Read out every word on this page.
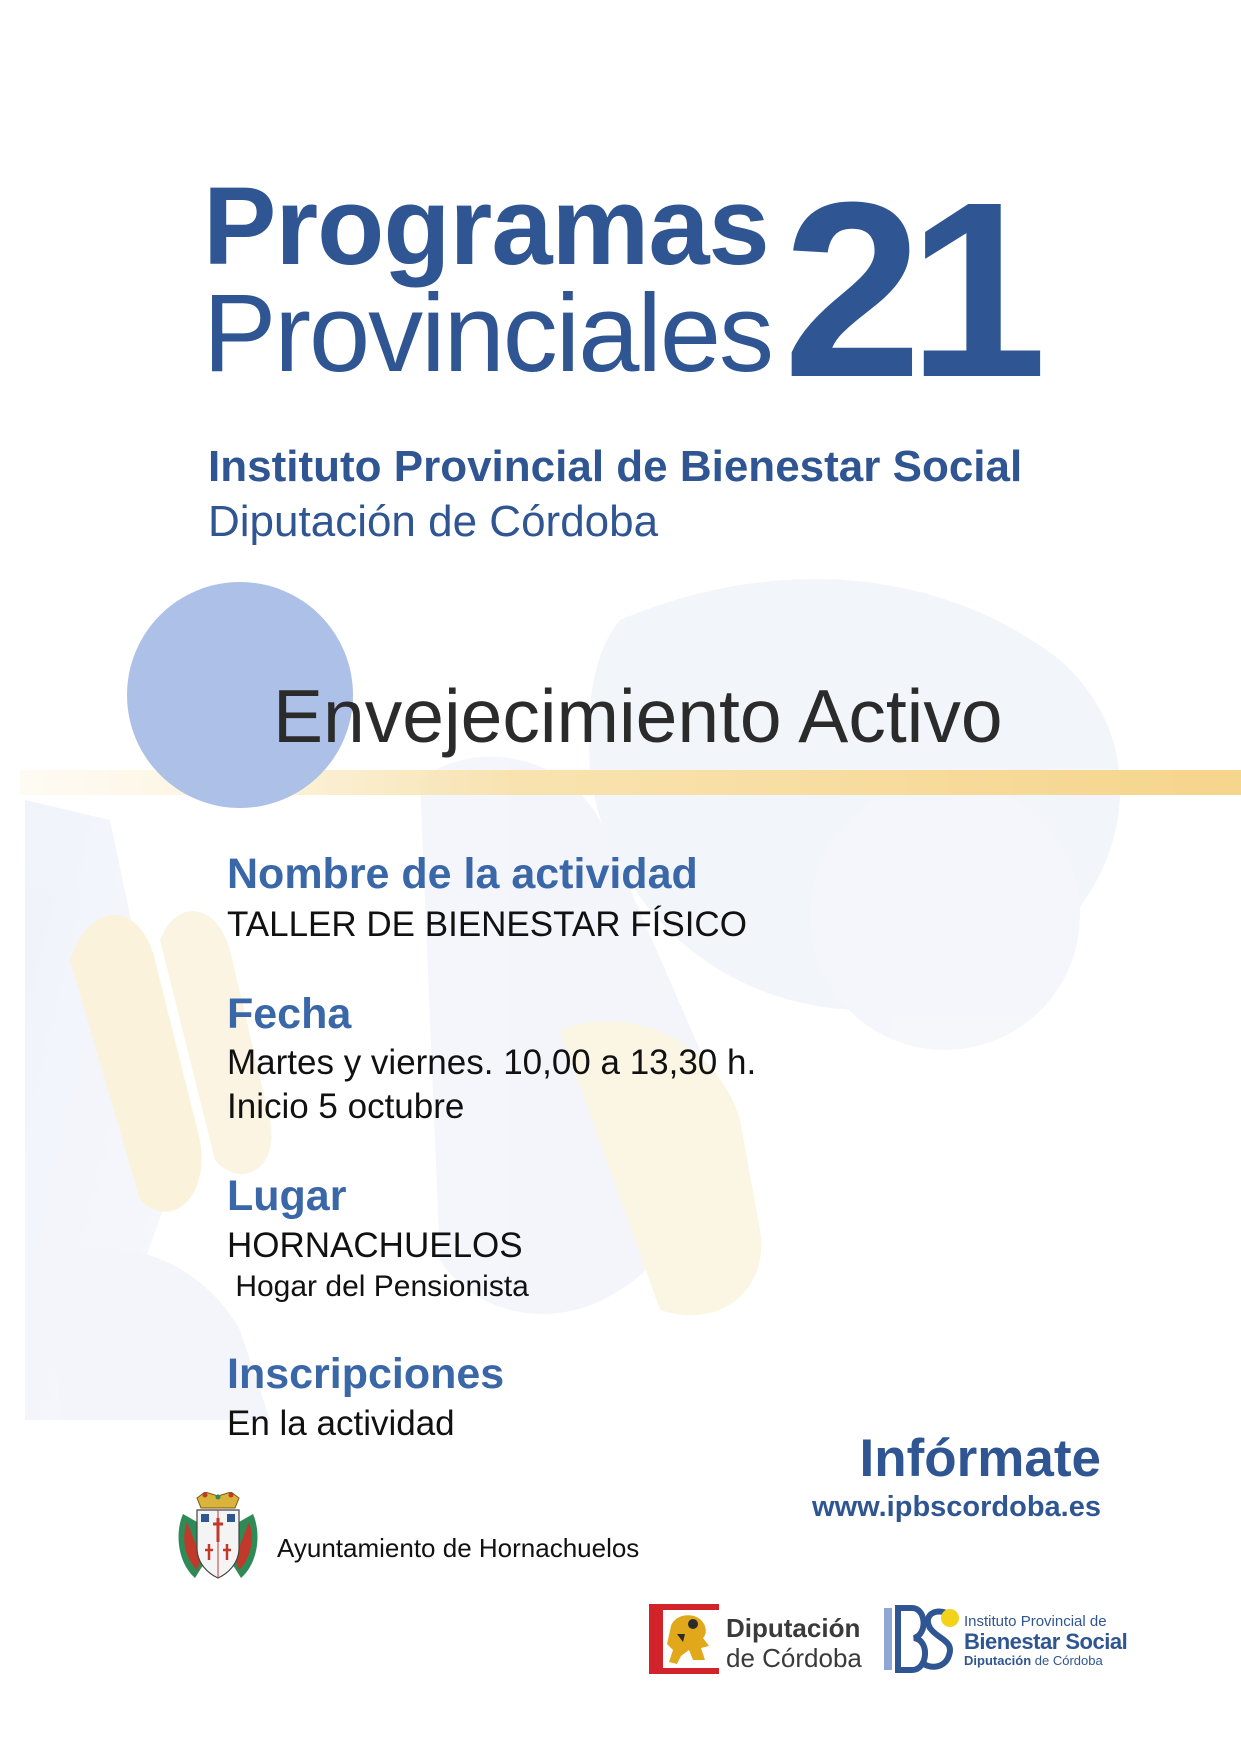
Programas
Provinciales 21
Instituto Provincial de Bienestar Social
Diputación de Córdoba
Envejecimiento Activo
Nombre de la actividad
TALLER DE BIENESTAR FÍSICO
Fecha
Martes y viernes. 10,00 a 13,30 h.
Inicio 5 octubre
Lugar
HORNACHUELOS
Hogar del Pensionista
Inscripciones
En la actividad
Infórmate
www.ipbscordoba.es
Ayuntamiento de Hornachuelos
Diputación
de Córdoba
Instituto Provincial de
Bienestar Social
Diputación de Córdoba
